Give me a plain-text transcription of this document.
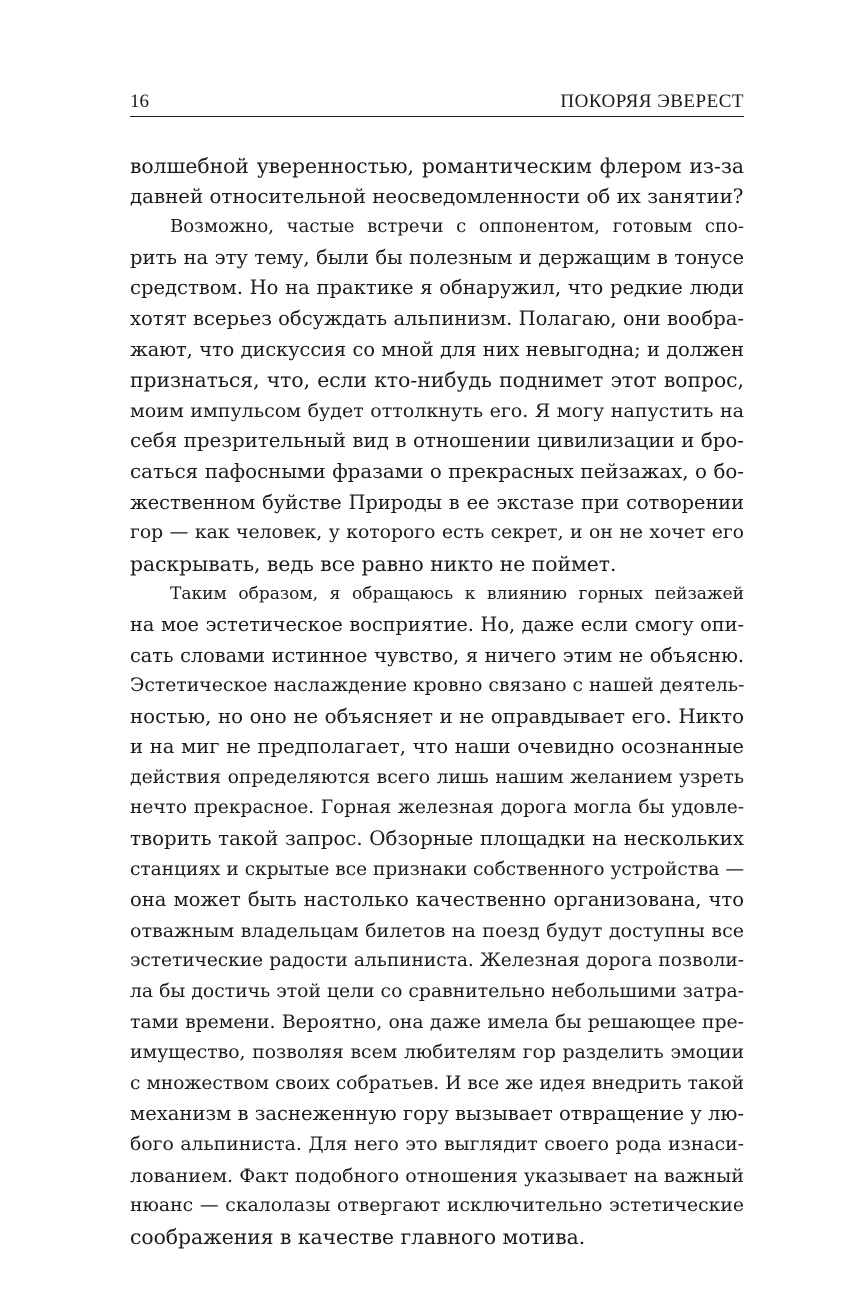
16	ПОКОРЯЯ ЭВЕРЕСТ

волшебной уверенностью, романтическим флером из-за
давней относительной неосведомленности об их занятии?

Возможно, частые встречи с оппонентом, готовым спо-
рить на эту тему, были бы полезным и держащим в тонусе
средством. Но на практике я обнаружил, что редкие люди
хотят всерьез обсуждать альпинизм. Полагаю, они вообра-
жают, что дискуссия со мной для них невыгодна; и должен
признаться, что, если кто-нибудь поднимет этот вопрос,
моим импульсом будет оттолкнуть его. Я могу напустить на
себя презрительный вид в отношении цивилизации и бро-
саться пафосными фразами о прекрасных пейзажах, о бо-
жественном буйстве Природы в ее экстазе при сотворении
гор — как человек, у которого есть секрет, и он не хочет его
раскрывать, ведь все равно никто не поймет.

Таким образом, я обращаюсь к влиянию горных пейзажей
на мое эстетическое восприятие. Но, даже если смогу опи-
сать словами истинное чувство, я ничего этим не объясню.
Эстетическое наслаждение кровно связано с нашей деятель-
ностью, но оно не объясняет и не оправдывает его. Никто
и на миг не предполагает, что наши очевидно осознанные
действия определяются всего лишь нашим желанием узреть
нечто прекрасное. Горная железная дорога могла бы удовле-
творить такой запрос. Обзорные площадки на нескольких
станциях и скрытые все признаки собственного устройства —
она может быть настолько качественно организована, что
отважным владельцам билетов на поезд будут доступны все
эстетические радости альпиниста. Железная дорога позволи-
ла бы достичь этой цели со сравнительно небольшими затра-
тами времени. Вероятно, она даже имела бы решающее пре-
имущество, позволяя всем любителям гор разделить эмоции
с множеством своих собратьев. И все же идея внедрить такой
механизм в заснеженную гору вызывает отвращение у лю-
бого альпиниста. Для него это выглядит своего рода изнаси-
лованием. Факт подобного отношения указывает на важный
нюанс — скалолазы отвергают исключительно эстетические
соображения в качестве главного мотива.
